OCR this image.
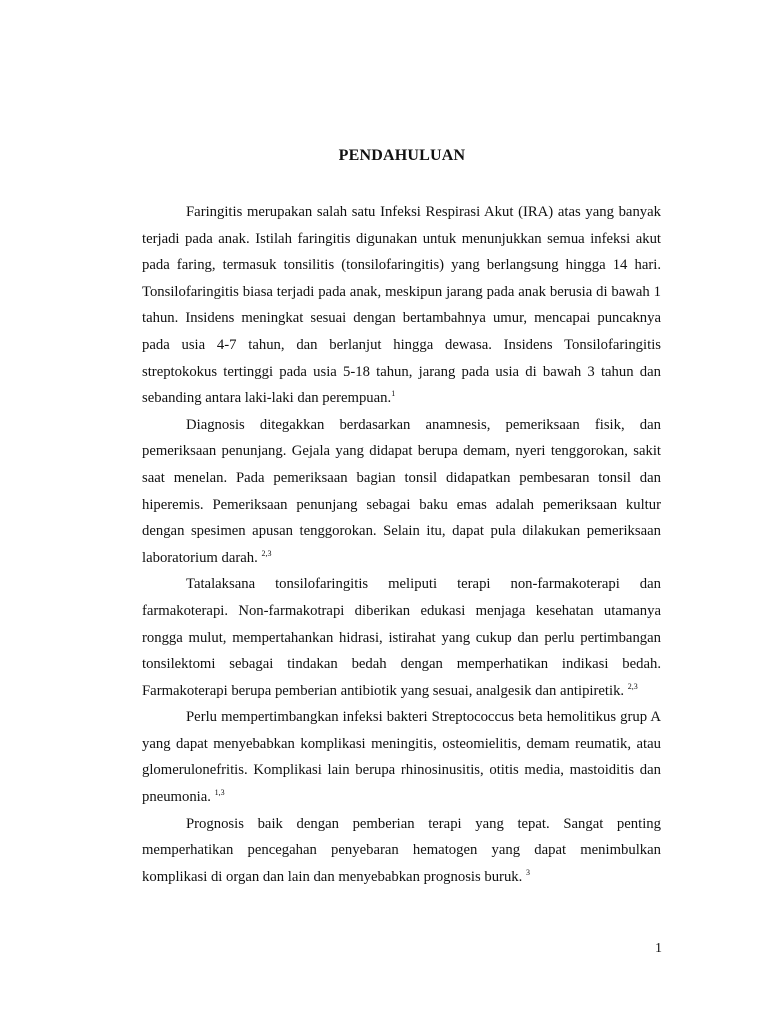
PENDAHULUAN

Faringitis merupakan salah satu Infeksi Respirasi Akut (IRA) atas yang banyak terjadi pada anak. Istilah faringitis digunakan untuk menunjukkan semua infeksi akut pada faring, termasuk tonsilitis (tonsilofaringitis) yang berlangsung hingga 14 hari. Tonsilofaringitis biasa terjadi pada anak, meskipun jarang pada anak berusia di bawah 1 tahun. Insidens meningkat sesuai dengan bertambahnya umur, mencapai puncaknya pada usia 4-7 tahun, dan berlanjut hingga dewasa. Insidens Tonsilofaringitis streptokokus tertinggi pada usia 5-18 tahun, jarang pada usia di bawah 3 tahun dan sebanding antara laki-laki dan perempuan.$^1$

Diagnosis ditegakkan berdasarkan anamnesis, pemeriksaan fisik, dan pemeriksaan penunjang. Gejala yang didapat berupa demam, nyeri tenggorokan, sakit saat menelan. Pada pemeriksaan bagian tonsil didapatkan pembesaran tonsil dan hiperemis. Pemeriksaan penunjang sebagai baku emas adalah pemeriksaan kultur dengan spesimen apusan tenggorokan. Selain itu, dapat pula dilakukan pemeriksaan laboratorium darah. $^{2,3}$

Tatalaksana tonsilofaringitis meliputi terapi non-farmakoterapi dan farmakoterapi. Non-farmakotrapi diberikan edukasi menjaga kesehatan utamanya rongga mulut, mempertahankan hidrasi, istirahat yang cukup dan perlu pertimbangan tonsilektomi sebagai tindakan bedah dengan memperhatikan indikasi bedah. Farmakoterapi berupa pemberian antibiotik yang sesuai, analgesik dan antipiretik. $^{2,3}$

Perlu mempertimbangkan infeksi bakteri Streptococcus beta hemolitikus grup A yang dapat menyebabkan komplikasi meningitis, osteomielitis, demam reumatik, atau glomerulonefritis. Komplikasi lain berupa rhinosinusitis, otitis media, mastoiditis dan pneumonia. $^{1,3}$

Prognosis baik dengan pemberian terapi yang tepat. Sangat penting memperhatikan pencegahan penyebaran hematogen yang dapat menimbulkan komplikasi di organ dan lain dan menyebabkan prognosis buruk. $^3$

1
